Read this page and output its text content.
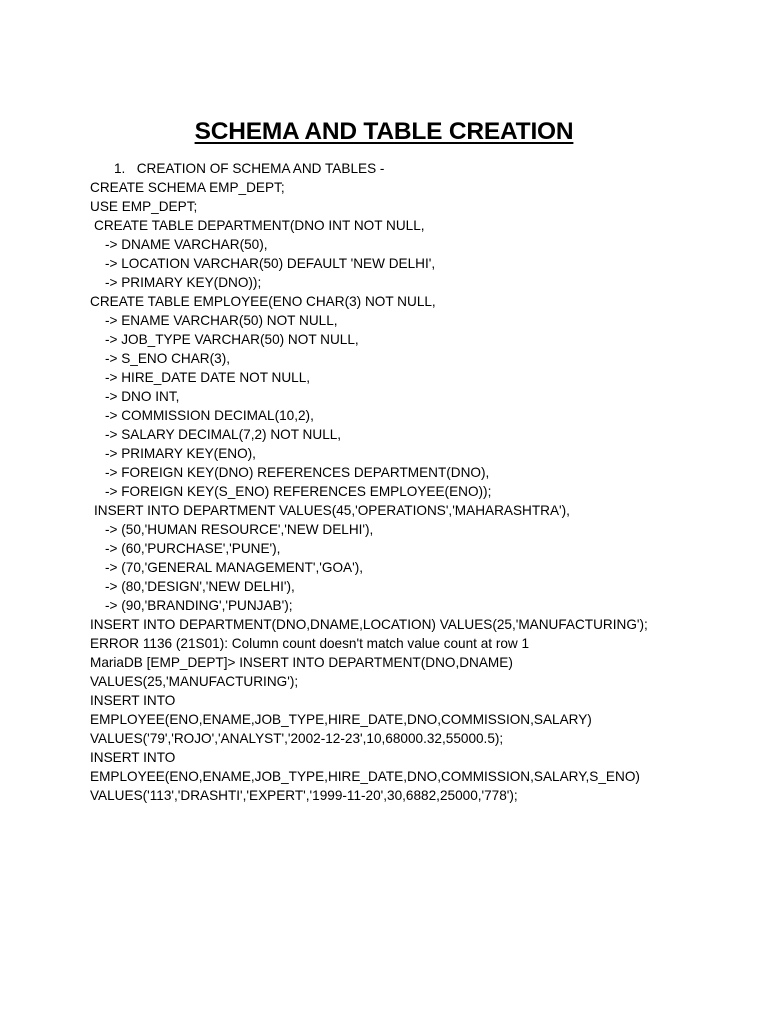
SCHEMA AND TABLE CREATION
1. CREATION OF SCHEMA AND TABLES -
CREATE SCHEMA EMP_DEPT;
USE EMP_DEPT;
CREATE TABLE DEPARTMENT(DNO INT NOT NULL,
-> DNAME VARCHAR(50),
-> LOCATION VARCHAR(50) DEFAULT 'NEW DELHI',
-> PRIMARY KEY(DNO));
CREATE TABLE EMPLOYEE(ENO CHAR(3) NOT NULL,
-> ENAME VARCHAR(50) NOT NULL,
-> JOB_TYPE VARCHAR(50) NOT NULL,
-> S_ENO CHAR(3),
-> HIRE_DATE DATE NOT NULL,
-> DNO INT,
-> COMMISSION DECIMAL(10,2),
-> SALARY DECIMAL(7,2) NOT NULL,
-> PRIMARY KEY(ENO),
-> FOREIGN KEY(DNO) REFERENCES DEPARTMENT(DNO),
-> FOREIGN KEY(S_ENO) REFERENCES EMPLOYEE(ENO));
INSERT INTO DEPARTMENT VALUES(45,'OPERATIONS','MAHARASHTRA'),
-> (50,'HUMAN RESOURCE','NEW DELHI'),
-> (60,'PURCHASE','PUNE'),
-> (70,'GENERAL MANAGEMENT','GOA'),
-> (80,'DESIGN','NEW DELHI'),
-> (90,'BRANDING','PUNJAB');
INSERT INTO DEPARTMENT(DNO,DNAME,LOCATION) VALUES(25,'MANUFACTURING');
ERROR 1136 (21S01): Column count doesn't match value count at row 1
MariaDB [EMP_DEPT]> INSERT INTO DEPARTMENT(DNO,DNAME)
VALUES(25,'MANUFACTURING');
INSERT INTO
EMPLOYEE(ENO,ENAME,JOB_TYPE,HIRE_DATE,DNO,COMMISSION,SALARY)
VALUES('79','ROJO','ANALYST','2002-12-23',10,68000.32,55000.5);
INSERT INTO
EMPLOYEE(ENO,ENAME,JOB_TYPE,HIRE_DATE,DNO,COMMISSION,SALARY,S_ENO)
VALUES('113','DRASHTI','EXPERT','1999-11-20',30,6882,25000,'778');
